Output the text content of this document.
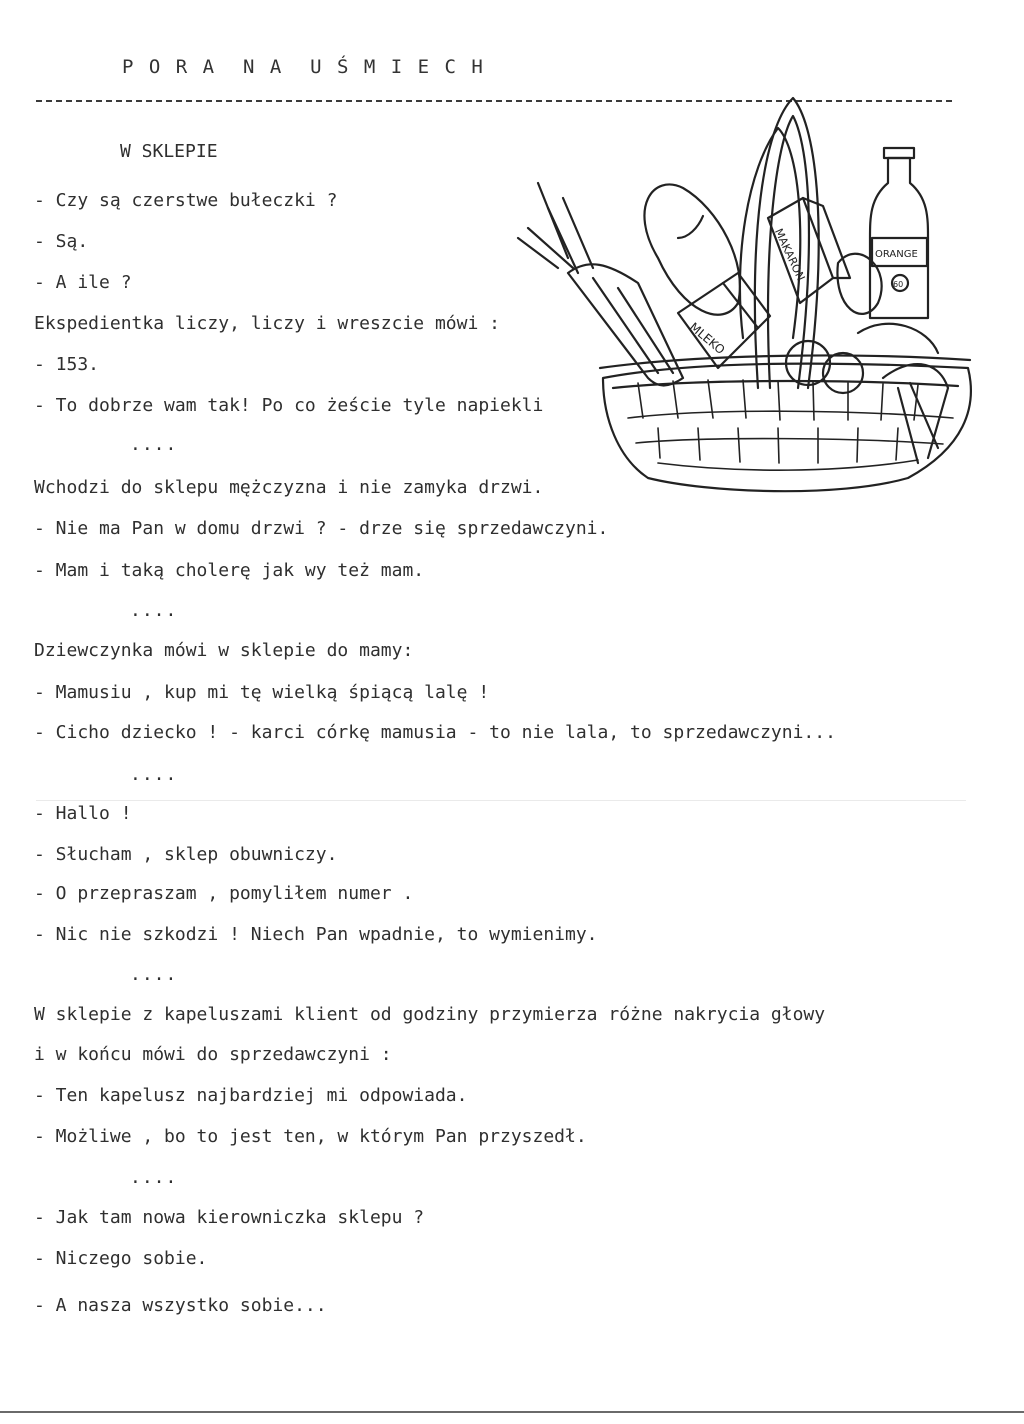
P O R A  N A  U Ś M I E C H
W SKLEPIE
- Czy są czerstwe bułeczki ?
- Są.
- A ile ?
Ekspedientka liczy, liczy i wreszcie mówi :
- 153.
- To dobrze wam tak! Po co żeście tyle napiekli
....
Wchodzi do sklepu mężczyzna i nie zamyka drzwi.
- Nie ma Pan w domu drzwi ? - drze się sprzedawczyni.
- Mam i taką cholerę jak wy też mam.
....
Dziewczynka mówi w sklepie do mamy:
- Mamusiu , kup mi tę wielką śpiącą lalę !
- Cicho dziecko ! - karci córkę mamusia - to nie lala, to sprzedawczyni...
....
- Hallo !
- Słucham , sklep obuwniczy.
- O przepraszam , pomyliłem numer .
- Nic nie szkodzi ! Niech Pan wpadnie, to wymienimy.
....
W sklepie z kapeluszami klient od godziny przymierza różne nakrycia głowy
i w końcu mówi do sprzedawczyni :
- Ten kapelusz najbardziej mi odpowiada.
- Możliwe , bo to jest ten, w którym Pan przyszedł.
....
- Jak tam nowa kierowniczka sklepu ?
- Niczego sobie.
- A nasza wszystko sobie...
MLEKO
MAKARON	ORANGE
60
